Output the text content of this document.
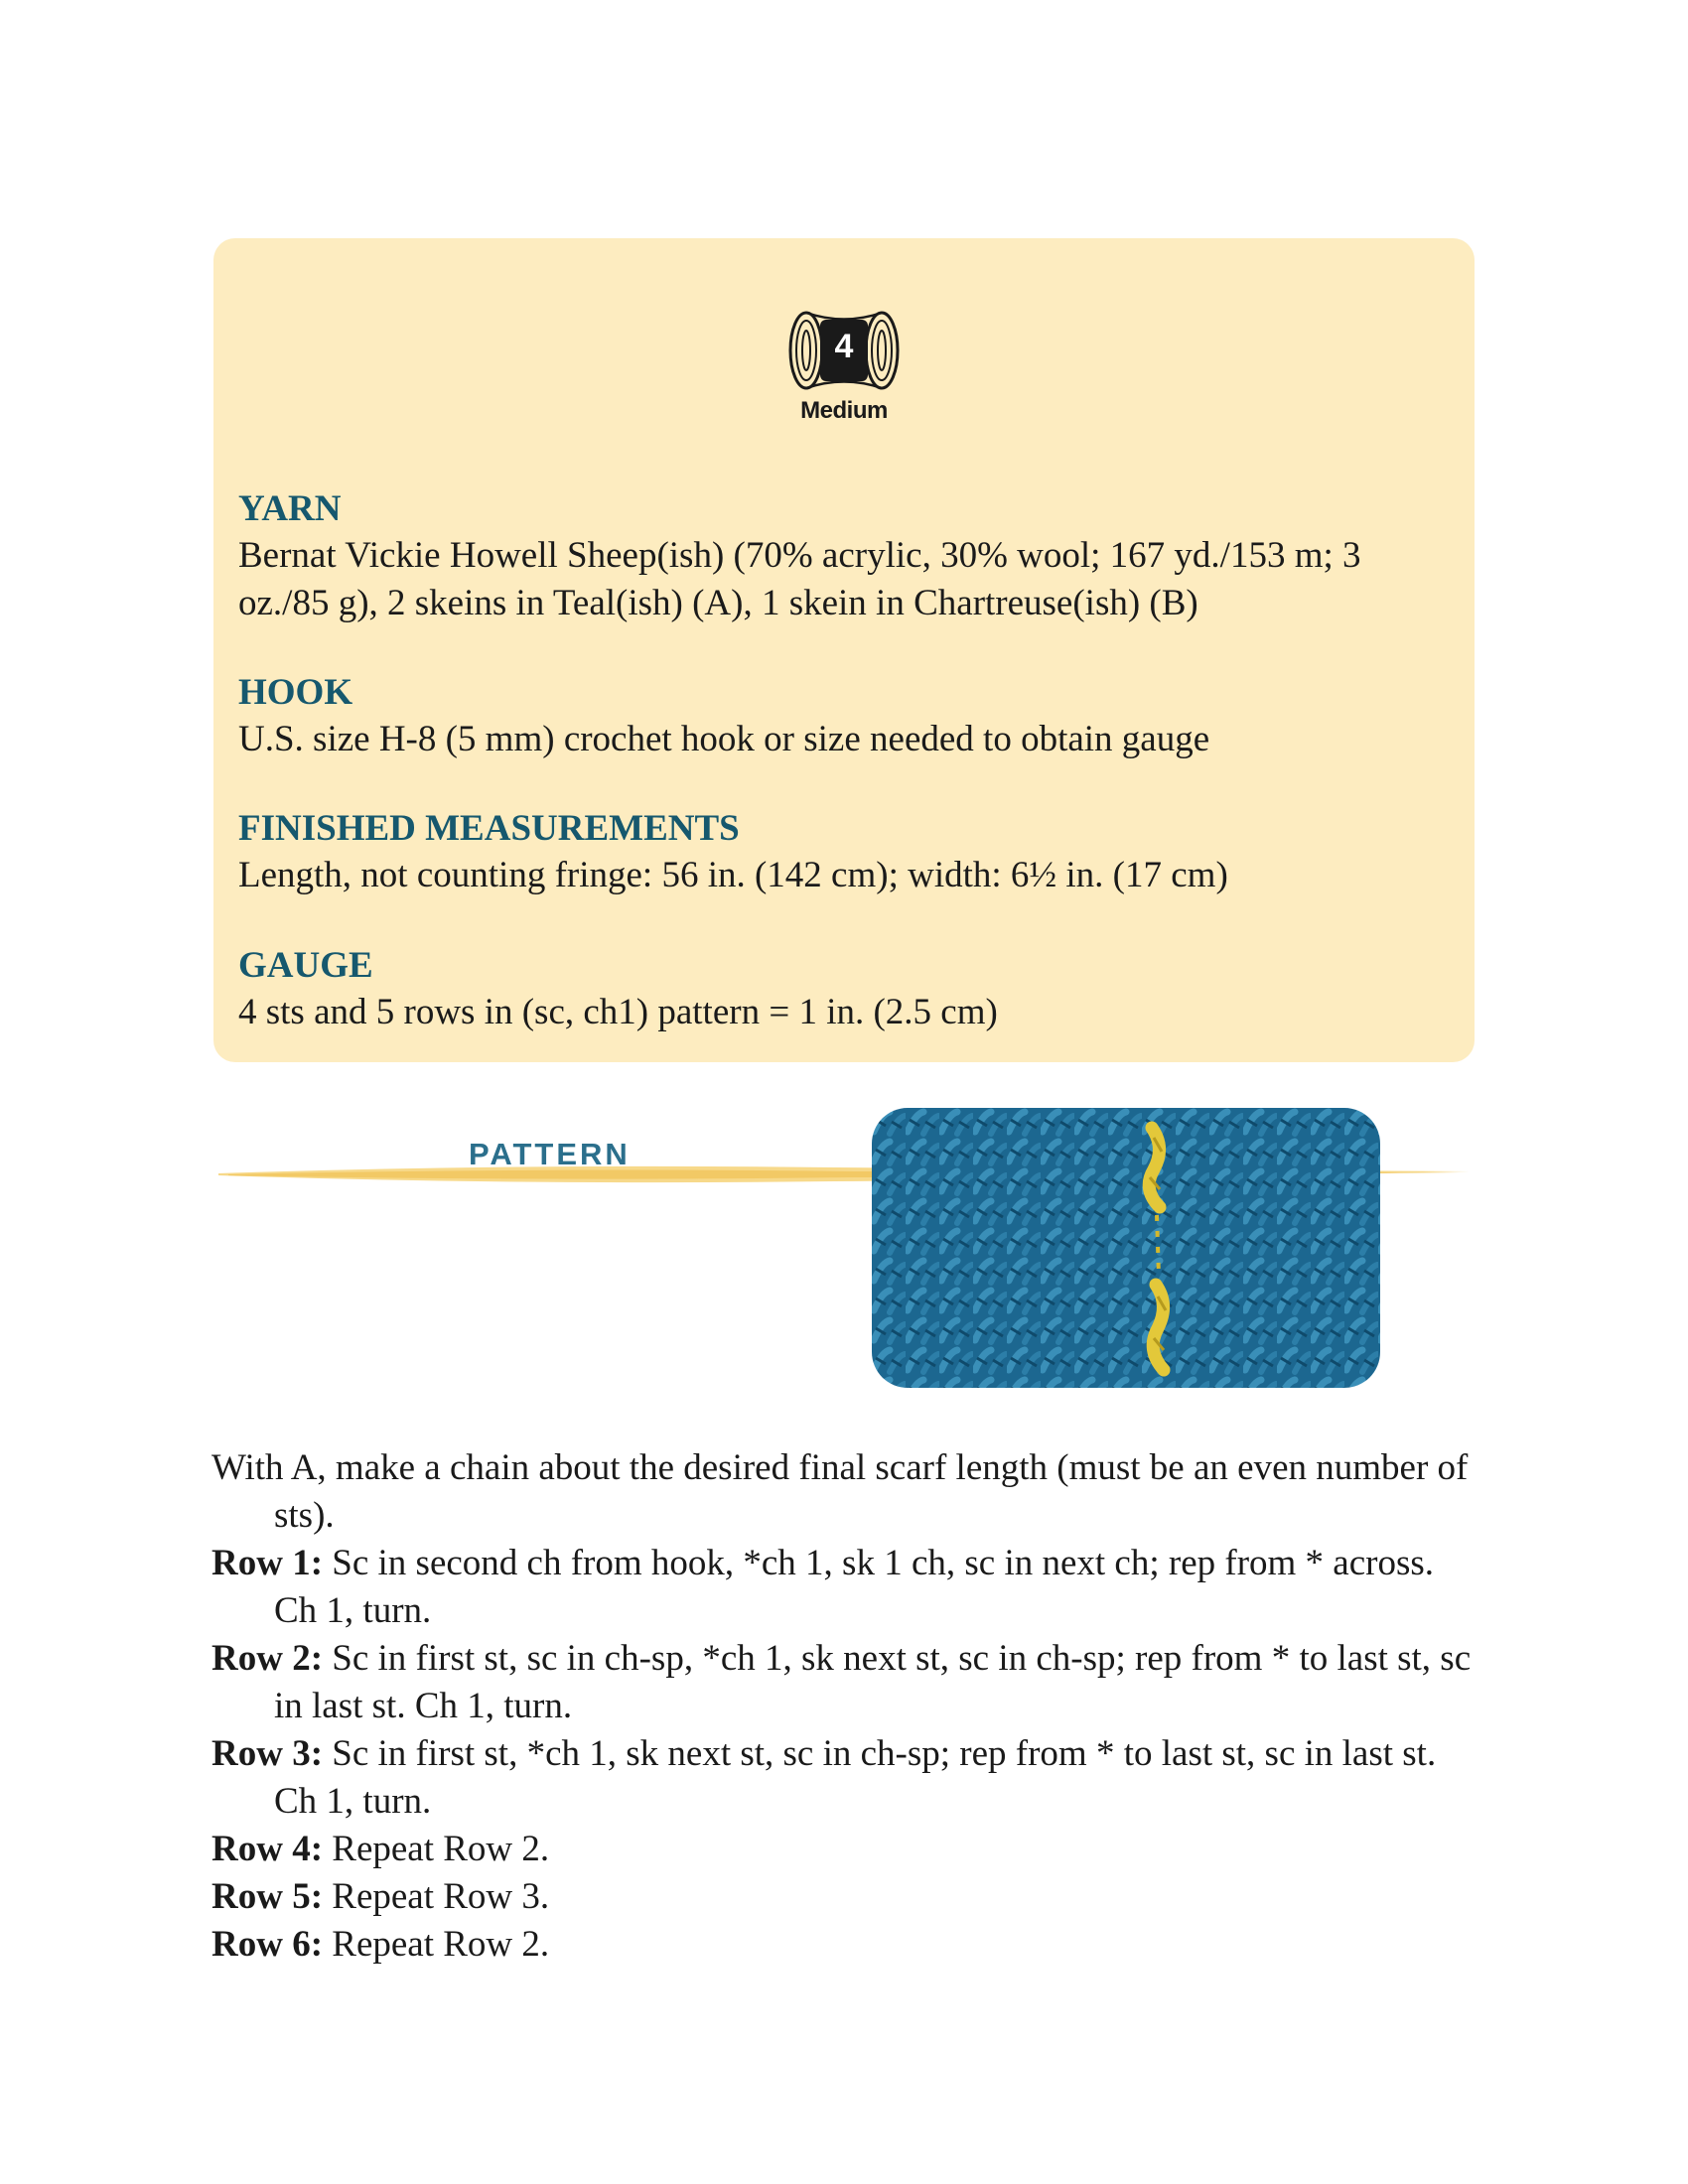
4
Medium
YARN

Bernat Vickie Howell Sheep(ish) (70% acrylic, 30% wool; 167 yd./153 m; 3 oz./85 g), 2 skeins in Teal(ish) (A), 1 skein in Chartreuse(ish) (B)

HOOK

U.S. size H-8 (5 mm) crochet hook or size needed to obtain gauge

FINISHED MEASUREMENTS

Length, not counting fringe: 56 in. (142 cm); width: 6½ in. (17 cm)

GAUGE

4 sts and 5 rows in (sc, ch1) pattern = 1 in. (2.5 cm)

PATTERN

With A, make a chain about the desired final scarf length (must be an even number of sts).

Row 1: Sc in second ch from hook, *ch 1, sk 1 ch, sc in next ch; rep from * across. Ch 1, turn.

Row 2: Sc in first st, sc in ch-sp, *ch 1, sk next st, sc in ch-sp; rep from * to last st, sc in last st. Ch 1, turn.

Row 3: Sc in first st, *ch 1, sk next st, sc in ch-sp; rep from * to last st, sc in last st. Ch 1, turn.

Row 4: Repeat Row 2.

Row 5: Repeat Row 3.

Row 6: Repeat Row 2.
